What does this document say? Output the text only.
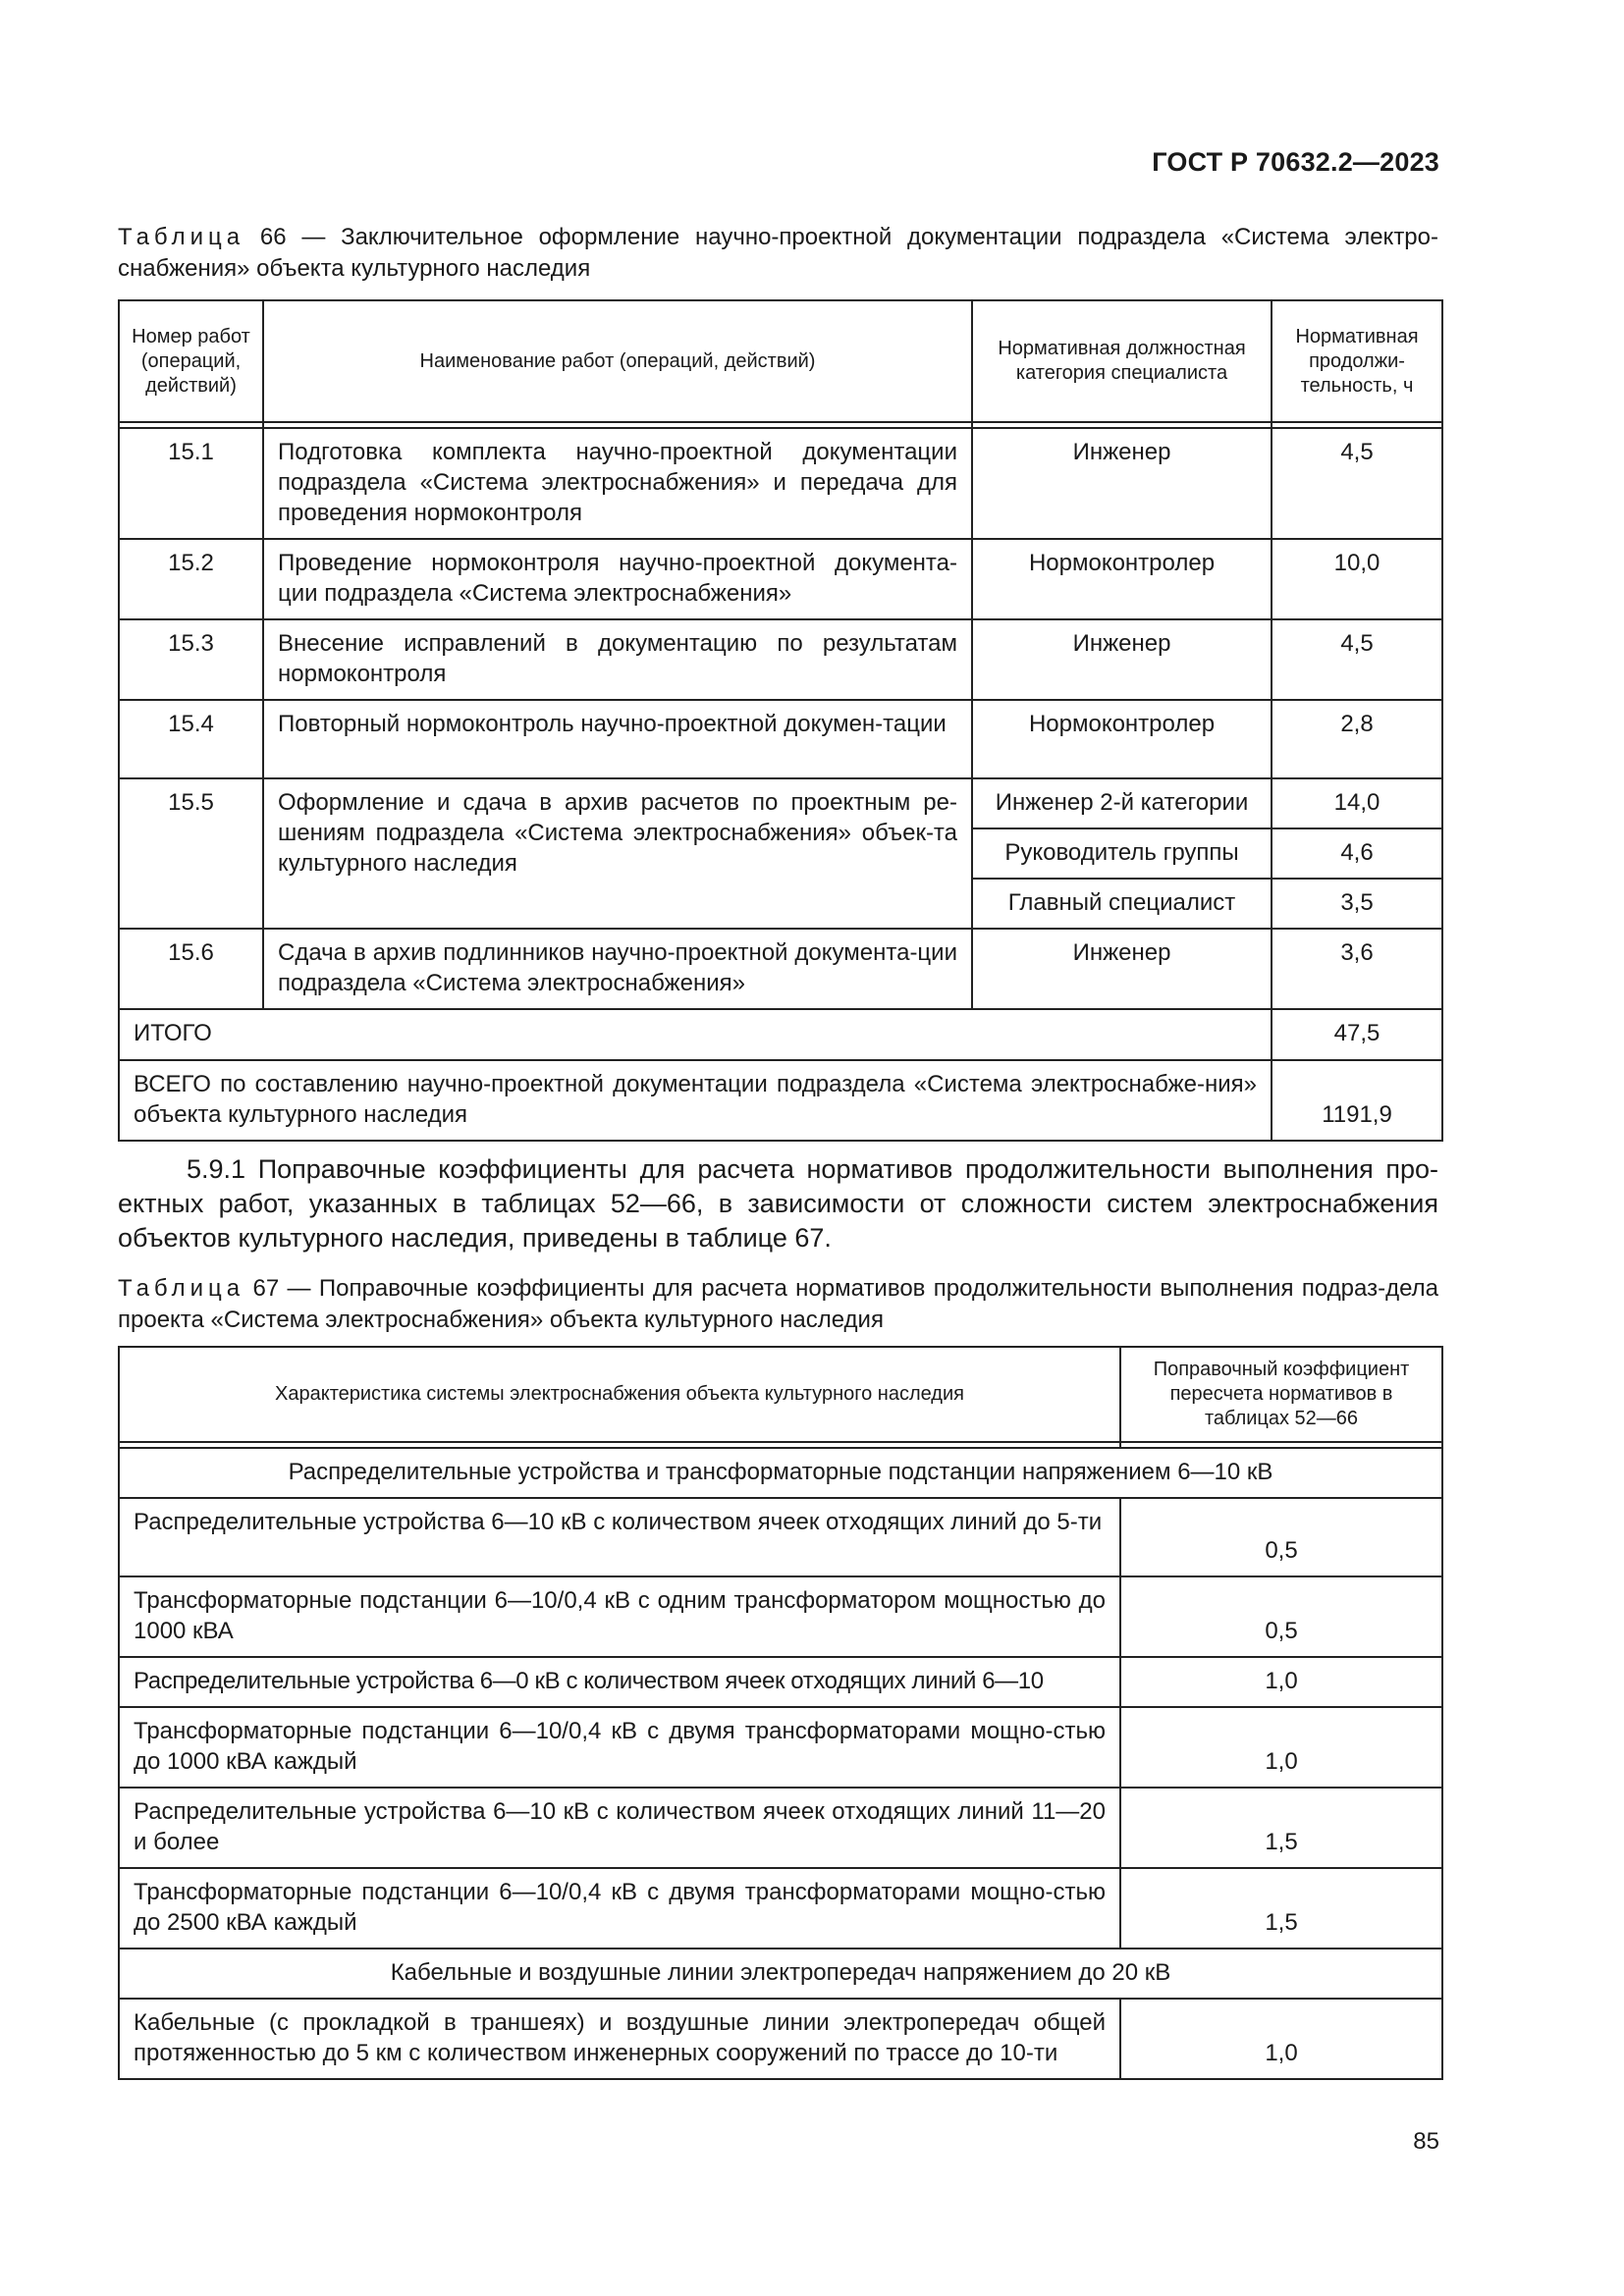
ГОСТ Р 70632.2—2023
Таблица 66 — Заключительное оформление научно-проектной документации подраздела «Система электро-снабжения» объекта культурного наследия
Номер работ (операций, действий)	Наименование работ (операций, действий)	Нормативная должностная категория специалиста	Нормативная продолжи-тельность, ч

15.1	Подготовка комплекта научно-проектной документации подраздела «Система электроснабжения» и передача для проведения нормоконтроля	Инженер	4,5
15.2	Проведение нормоконтроля научно-проектной документа-ции подраздела «Система электроснабжения»	Нормоконтролер	10,0
15.3	Внесение исправлений в документацию по результатам нормоконтроля	Инженер	4,5
15.4	Повторный нормоконтроль научно-проектной докумен-тации	Нормоконтролер	2,8
15.5	Оформление и сдача в архив расчетов по проектным ре-шениям подраздела «Система электроснабжения» объек-та культурного наследия	Инженер 2-й категории	14,0
		Руководитель группы	4,6
		Главный специалист	3,5
15.6	Сдача в архив подлинников научно-проектной документа-ции подраздела «Система электроснабжения»	Инженер	3,6
ИТОГО			47,5
ВСЕГО по составлению научно-проектной документации подраздела «Система электроснабже-ния» объекта культурного наследия			1191,9
5.9.1 Поправочные коэффициенты для расчета нормативов продолжительности выполнения про-ектных работ, указанных в таблицах 52—66, в зависимости от сложности систем электроснабжения объектов культурного наследия, приведены в таблице 67.
Таблица 67 — Поправочные коэффициенты для расчета нормативов продолжительности выполнения подраз-дела проекта «Система электроснабжения» объекта культурного наследия
Характеристика системы электроснабжения объекта культурного наследия	Поправочный коэффициент пересчета нормативов в таблицах 52—66

Распределительные устройства и трансформаторные подстанции напряжением 6—10 кВ	
Распределительные устройства 6—10 кВ с количеством ячеек отходящих линий до 5-ти	0,5
Трансформаторные подстанции 6—10/0,4 кВ с одним трансформатором мощностью до 1000 кВА	0,5
Распределительные устройства 6—0 кВ с количеством ячеек отходящих линий 6—10	1,0
Трансформаторные подстанции 6—10/0,4 кВ с двумя трансформаторами мощно-стью до 1000 кВА каждый	1,0
Распределительные устройства 6—10 кВ с количеством ячеек отходящих линий 11—20 и более	1,5
Трансформаторные подстанции 6—10/0,4 кВ с двумя трансформаторами мощно-стью до 2500 кВА каждый	1,5
Кабельные и воздушные линии электропередач напряжением до 20 кВ	
Кабельные (с прокладкой в траншеях) и воздушные линии электропередач общей протяженностью до 5 км с количеством инженерных сооружений по трассе до 10-ти	1,0
85
